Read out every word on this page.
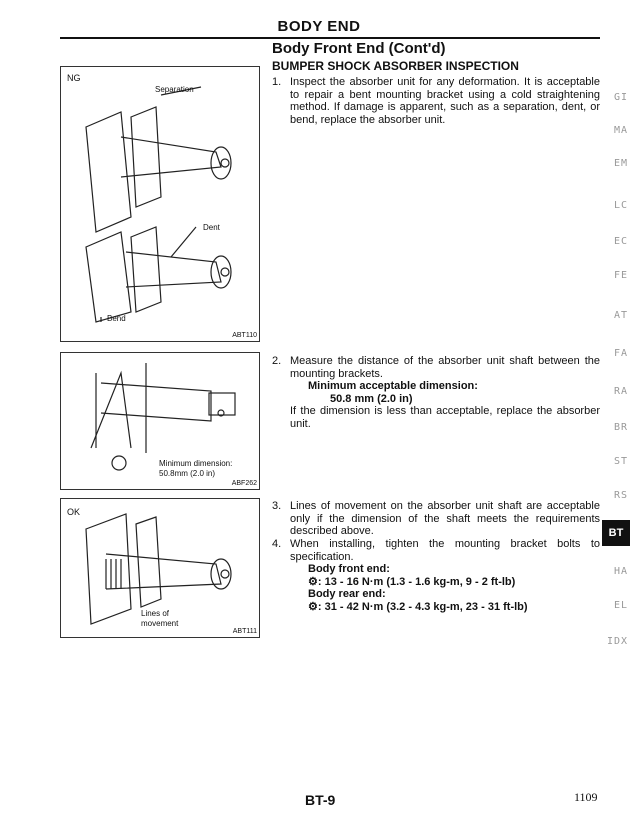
BODY END
Body Front End (Cont'd)
BUMPER SHOCK ABSORBER INSPECTION
NG
Separation
Dent
Bend
ABT110
Minimum dimension:
50.8mm (2.0 in)
ABF262
OK
Lines of
movement
ABT111
1. Inspect the absorber unit for any deformation. It is acceptable to repair a bent mounting bracket using a cold straightening method. If damage is apparent, such as a separation, dent, or bend, replace the absorber unit.
2. Measure the distance of the absorber unit shaft between the mounting brackets.
Minimum acceptable dimension:
50.8 mm (2.0 in)
If the dimension is less than acceptable, replace the absorber unit.
3. Lines of movement on the absorber unit shaft are acceptable only if the dimension of the shaft meets the requirements described above.
4. When installing, tighten the mounting bracket bolts to specification.
Body front end:
⚙: 13 - 16 N·m (1.3 - 1.6 kg-m, 9 - 2 ft-lb)
Body rear end:
⚙: 31 - 42 N·m (3.2 - 4.3 kg-m, 23 - 31 ft-lb)
GI
MA
EM
LC
EC
FE
AT
FA
RA
BR
ST
RS
BT
HA
EL
IDX
BT-9	1109
